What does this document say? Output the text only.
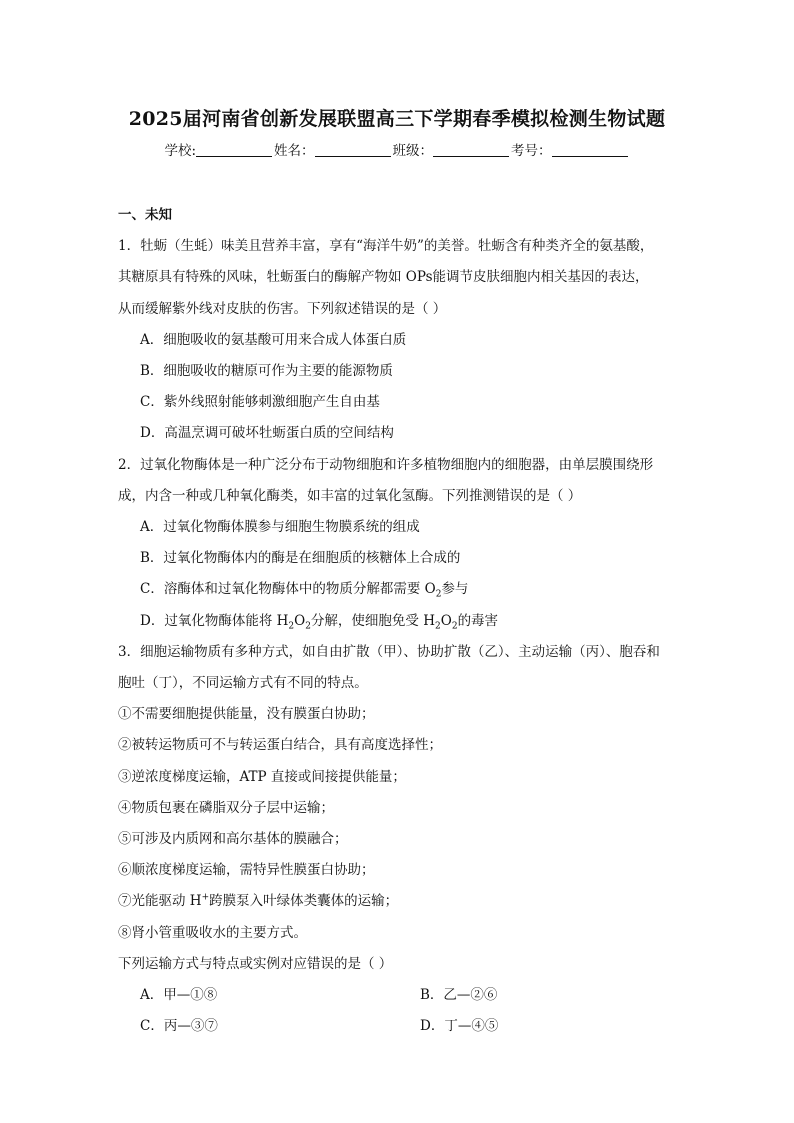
2025届河南省创新发展联盟高三下学期春季模拟检测生物试题
学校:	姓名：	班级：	考号：
一、未知
1．牡蛎（生蚝）味美且营养丰富，享有“海洋牛奶”的美誉。牡蛎含有种类齐全的氨基酸，
其糖原具有特殊的风味，牡蛎蛋白的酶解产物如 OPs能调节皮肤细胞内相关基因的表达，
从而缓解紫外线对皮肤的伤害。下列叙述错误的是（ ）
A．细胞吸收的氨基酸可用来合成人体蛋白质
B．细胞吸收的糖原可作为主要的能源物质
C．紫外线照射能够刺激细胞产生自由基
D．高温烹调可破坏牡蛎蛋白质的空间结构
2．过氧化物酶体是一种广泛分布于动物细胞和许多植物细胞内的细胞器，由单层膜围绕形
成，内含一种或几种氧化酶类，如丰富的过氧化氢酶。下列推测错误的是（ ）
A．过氧化物酶体膜参与细胞生物膜系统的组成
B．过氧化物酶体内的酶是在细胞质的核糖体上合成的
C．溶酶体和过氧化物酶体中的物质分解都需要 $O_2$参与
D．过氧化物酶体能将 $H_2O_2$分解，使细胞免受 $H_2O_2$的毒害
3．细胞运输物质有多种方式，如自由扩散（甲）、协助扩散（乙）、主动运输（丙）、胞吞和
胞吐（丁），不同运输方式有不同的特点。
①不需要细胞提供能量，没有膜蛋白协助；
②被转运物质可不与转运蛋白结合，具有高度选择性；
③逆浓度梯度运输，ATP 直接或间接提供能量；
④物质包裹在磷脂双分子层中运输；
⑤可涉及内质网和高尔基体的膜融合；
⑥顺浓度梯度运输，需特异性膜蛋白协助；
⑦光能驱动 H+跨膜泵入叶绿体类囊体的运输；
⑧肾小管重吸收水的主要方式。
下列运输方式与特点或实例对应错误的是（ ）
A．甲—①⑧	B．乙—②⑥
C．丙—③⑦	D．丁—④⑤
